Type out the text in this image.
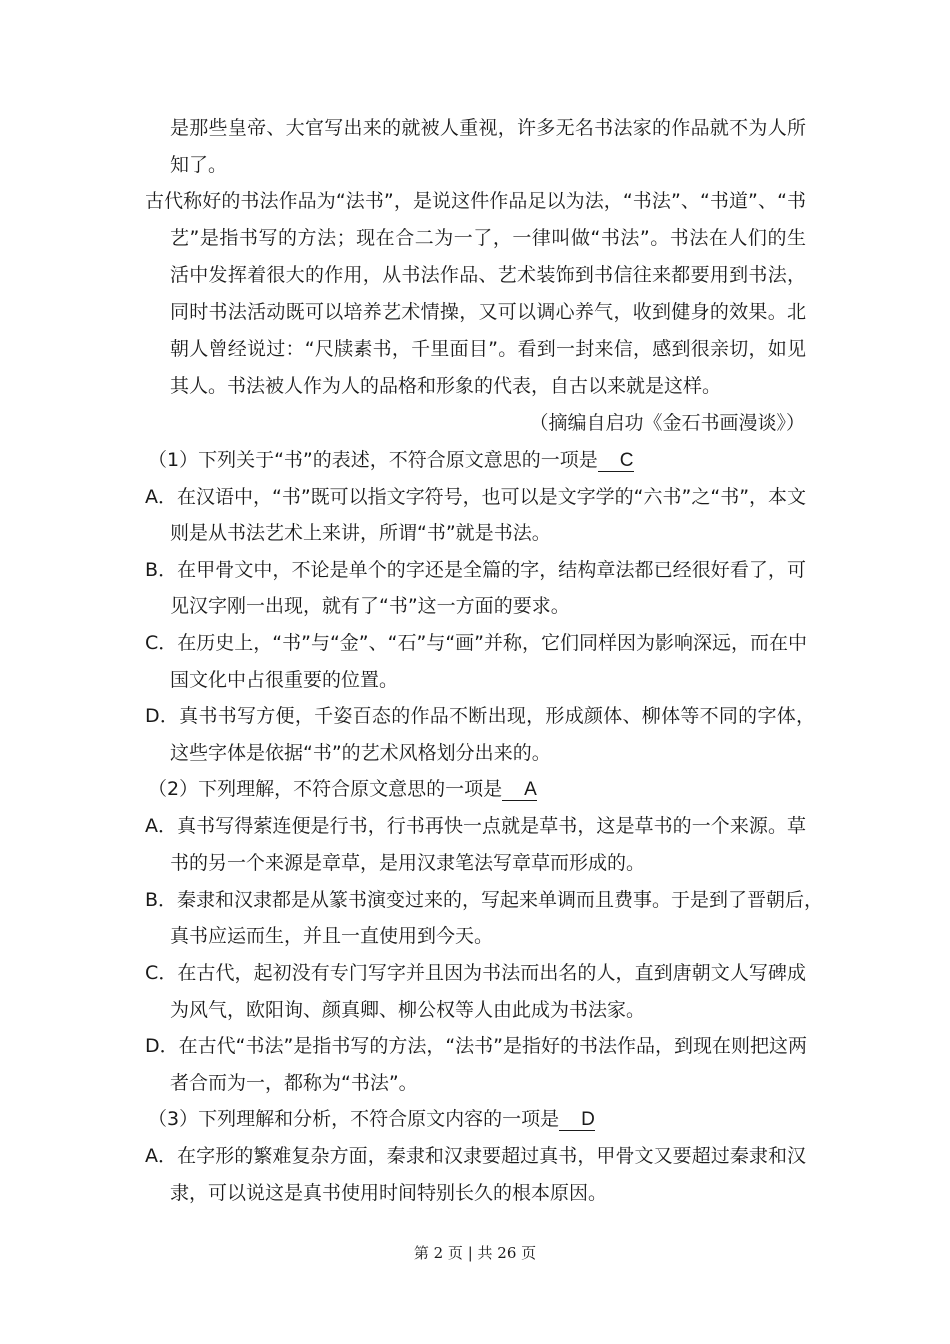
是那些皇帝、大官写出来的就被人重视，许多无名书法家的作品就不为人所
知了。
古代称好的书法作品为“法书”，是说这件作品足以为法，“书法”、“书道”、“书
艺”是指书写的方法；现在合二为一了，一律叫做“书法”。书法在人们的生
活中发挥着很大的作用，从书法作品、艺术装饰到书信往来都要用到书法，
同时书法活动既可以培养艺术情操，又可以调心养气，收到健身的效果。北
朝人曾经说过：“尺牍素书，千里面目”。看到一封来信，感到很亲切，如见
其人。书法被人作为人的品格和形象的代表，自古以来就是这样。
（摘编自启功《金石书画漫谈》）
（1）下列关于“书”的表述，不符合原文意思的一项是 C
A．在汉语中，“书”既可以指文字符号，也可以是文字学的“六书”之“书”，本文
则是从书法艺术上来讲，所谓“书”就是书法。
B．在甲骨文中，不论是单个的字还是全篇的字，结构章法都已经很好看了，可
见汉字刚一出现，就有了“书”这一方面的要求。
C．在历史上，“书”与“金”、“石”与“画”并称，它们同样因为影响深远，而在中
国文化中占很重要的位置。
D．真书书写方便，千姿百态的作品不断出现，形成颜体、柳体等不同的字体，
这些字体是依据“书”的艺术风格划分出来的。
（2）下列理解，不符合原文意思的一项是 A
A．真书写得萦连便是行书，行书再快一点就是草书，这是草书的一个来源。草
书的另一个来源是章草，是用汉隶笔法写章草而形成的。
B．秦隶和汉隶都是从篆书演变过来的，写起来单调而且费事。于是到了晋朝后，
真书应运而生，并且一直使用到今天。
C．在古代，起初没有专门写字并且因为书法而出名的人，直到唐朝文人写碑成
为风气，欧阳询、颜真卿、柳公权等人由此成为书法家。
D．在古代“书法”是指书写的方法，“法书”是指好的书法作品，到现在则把这两
者合而为一，都称为“书法”。
（3）下列理解和分析，不符合原文内容的一项是 D
A．在字形的繁难复杂方面，秦隶和汉隶要超过真书，甲骨文又要超过秦隶和汉
隶，可以说这是真书使用时间特别长久的根本原因。
第 2 页 | 共 26 页
